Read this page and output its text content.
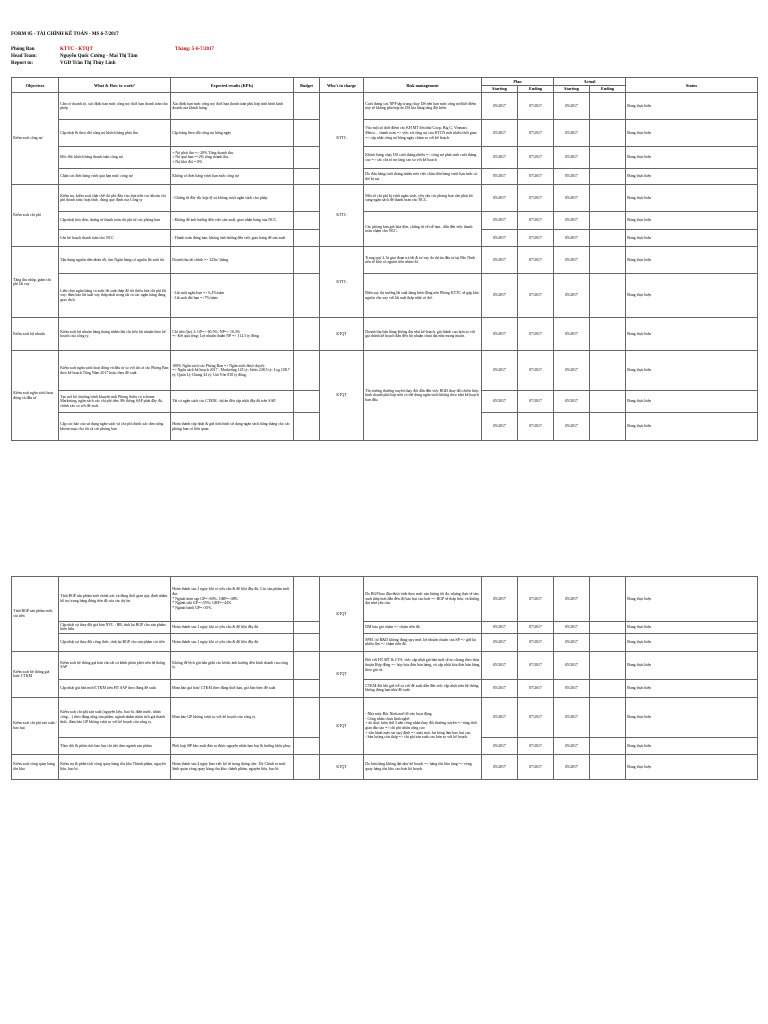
FORM 05 - TÀI CHÍNH KẾ TOÁN - MS 6-7/2017
Phòng Ban	KTTC - KTQT	Tháng: 5-6-7/2017
Head Team:	Nguyễn Quốc Cường - Mai Thị Tâm
Report to:	VGĐ Trần Thị Thùy Linh
Objectives	What & How to work?	Expected results (KPIs)	Budget	Who's in charge	Risk management	Plan		Actual		Status
						Starting	Ending	Starting	Ending	
Kiểm soát công nợ	Cân cơ doanh số, xác định hạn mức công nợ; thời hạn thanh toán cho phép	Xác định hạn mức công nợ; thời hạn thanh toán phù hợp tình hình kinh doanh của khách hàng.		KTTC	Cuối tháng các NPP tập trung chạy DS nên hạn mức công nợ/thời điểm này sẽ không phù hợp do DS bia hàng tăng đột biến.	05/2017	07/2017	05/2017		Đang thực hiện
	Cập nhật & theo dõi công nợ khách hàng phải thu	Cập hàng theo dõi công nợ hằng ngày			Vào một số thời điểm các KH MT lớn như Coop, Big C, Vinmart, Metro… thanh toán => việc xử công nợ của KTCN mất nhiều thời gian => cập nhật công nợ hằng ngày chậm so với kế hoạch.	05/2017	07/2017	05/2017		Đang thực hiện
	Đốc đốc khách hàng thanh toán công nợ	+ Nợ phải thu => 20% Tổng doanh thu.
+ Nợ quá hạn =<2% tổng doanh thu.
+ Nợ khó đòi = 0%			Khách hàng chạy DS cuối tháng nhiều => công nợ phát sinh cuối tháng cao => các chỉ số nợ tăng cao so với kế hoạch	05/2017	07/2017	05/2017		Đang thực hiện
	Chặn các đơn hàng vượt quá hạn mức công nợ	Không có đơn hàng vượt hạn mức công nợ			Do đơn hàng cuối tháng nhiều nên việc chặn đơn hàng vượt hạn mức có thể bị sai.	05/2017	07/2017	05/2017		Đang thực hiện
Kiểm soát chi phí	Kiểm tra, kiểm soát chặt chẽ chi phí đầu vào dựa trên các khoản chi phí thanh toán: hợp thức, đúng quy định của Công ty	- Chứng từ đầy đủ, hợp lệ và không vượt ngân sách cho phép.		KTTC	Một số chi phí bị vượt ngân sách, yêu cầu các phòng ban cần phải bổ sung ngân sách để thanh toán cho NCC.	05/2017	07/2017	05/2017		Đang thực hiện
	Cập nhật hóa đơn, chứng từ thanh toán chi phí từ các phòng ban	- Không để ảnh hưởng đến việc sản xuất, giao nhận hàng của NCC.			Các phòng ban gửi hóa đơn, chứng từ về trễ hạn., dẫn đến việc thanh toán chậm cho NCC.	05/2017	07/2017	05/2017		Đang thực hiện
	Lên kế hoạch thanh toán cho NCC	- Thanh toán đúng hạn, không ảnh hưởng đến việc giao hàng để sản xuất				05/2017	07/2017	05/2017		Đang thực hiện
Tăng thu nhập, giảm chi phí lãi vay	Tận dụng nguồn tiền nhàn rỗi, tìm Ngân hàng có nguồn lãi suất tốt.	Doanh thu tài chính => 325tr/ tháng		KTTC	Trong quý 2, là giai đoạn trả lãi đi tư vay do dự án đầu tư tại Bắc Ninh nên sẽ khó có nguồn tiền nhàn rỗi.	05/2017	07/2017	05/2017		Đang thực hiện
	Liên chịu ngân hàng có mức lãi suất thấp để tối thiểu hóa chi phí lãi vay; đàm bảo lãi suất vay thấp nhất trong tất cả các ngân hàng đang giao dịch.	- Lãi suất ngắn hạn => 6,2%/năm
- Lãi suất dài hạn =<7%/năm			Biến suy thị trường lãi suất đang biến động nên Phòng KTTC sẽ gặp khó nguồn cho vay với lãi suất thấp nhất có thể.	05/2017	07/2017	05/2017		Đang thực hiện
Kiểm soát lợi nhuận	Kiểm soát lợi nhuận hàng tháng nhằm đạt chỉ tiêu lợi nhuận theo kế hoạch của công ty.	Chỉ tiêu Quý 2: GP=> 60.5%; NP=> 16,3%
=> Kết quả tổng: Lợi nhuận thuần NP => 112,5 tỷ đồng.		KTQT	Doanh thu bán hàng không đạt như kế hoạch, giá thành cao hơn so với giá thành kế hoạch dẫn đến lợi nhuận chưa đạt như mong muốn.	05/2017	07/2017	05/2017		Đang thực hiện
Kiểm soát ngân sách hoạt động và đầu tư	Kiểm soát ngân sách hoạt động và đầu tư so với tất cả các Phòng Ban theo kế hoạch Tổng Năm 2017 hoặc theo đề xuất.	100% Ngân sách các Phòng Ban => Ngân sách được duyệt:
=> Ngân sách kế hoạch 2017 : Marketing 145 tỷ; Sales 248,5 tỷ; Log 108,7 tỷ; Quản Lý Chung 32 tỷ, Giá Vốn 810 tỷ đồng.		KTQT	Thị trường thường xuyên thay đổi dẫn đến việc BGĐ thay đổi chiến lược kinh doanh phù hợp nên có thể dùng ngân sách không theo như kế hoạch ban đầu.	05/2017	07/2017	05/2017		Đang thực hiện
	Tạo mã bổ chương trình khuyến mãi Phòng Sales có scheme Marketing, ngân sách các chi phí tiền. Đề thống SAP phải đầy đủ, chính xác so với đề xuất.	Tất cả ngân sách các CTKM , dự án đều cập nhật đầy đủ trên SAP.				05/2017	07/2017	05/2017		Đang thực hiện
	Cập các báo cáo sử dụng ngân sách và chi phí chính xác theo từng khoản mục cho tất cả các phòng ban	Hoàn thành cập nhật & gửi tình hình sử dụng ngân sách hằng tháng cho các phòng ban có liên quan				05/2017	07/2017	05/2017		Đang thực hiện
Tính BGP sản phẩm mới, cải tiến	Tính BGP sản phẩm mới chính xác và đúng thời gian quy định nhằm hỗ trợ trung hàng đúng tiến độ của các dự án.	Hoàn thành sau 1 ngày khi có yêu cầu & đề liệu đầy đủ. Các sản phẩm mới đạt:
* Ngành kem sạp GP=>60%; GRP=>48%
* Ngành sữa GP =>55%; GRP=>44%
* Ngành bánh GP=>35%		KTQT	Do BGP bao đầu được tính theo mức sản lượng tối đa, nhưng thực tế sản xuất thấp hơn dẫn đến độ bao hụt cao hơn => BGP sẽ thấp hơn, và không đạt như yêu cầu.	05/2017	07/2017	05/2017		Đang thực hiện
	Cập nhật sự thay đổi giá bán NVL - BB, tính lại BGP cho sản phẩm hiện hữu.	Hoàn thành sau 1 ngày khi có yêu cầu & đề liệu đầy đủ			DM báo giá chậm => chậm tiến độ.	05/2017	07/2017	05/2017		Đang thực hiện
	Cập nhật sự thay đổi công thức, tính lại BGP cho sản phẩm cải tiến	Hoàn thành sau 1 ngày khi có yêu cầu & đề liệu đầy đủ			SPEC từ R&D không đúng quy mức lợi nhuận chuẩn của SP => giữ lại nhiều lần => chậm tiến độ.	05/2017	07/2017	05/2017		Đang thực hiện
Kiểm soát hệ thống giá bán/ CTKM	Kiểm soát hệ thống giá bán cho tất cả kênh phân phối trên hệ thống SAP	Không để lệch giá bán giữa các kênh, ảnh hưởng đến kinh doanh của công ty.		KTQT	Đối với HT MT & CVS, việc cập nhật giá bán mới sẽ no chung theo thỏa thuận Hợp đồng => hủy hóa đơn bán hàng, và cập nhật hóa đơn bán hàng theo giá cũ.	05/2017	07/2017	05/2017		Đang thực hiện
	Cập nhật giá bán mới/CTKM trên HT SAP theo đúng đề xuất	Đảm bảo giá bán/ CTKM theo đúng thời hạn, giá bán theo đề xuất			CTKM đổi khi gửi trễ so với đề xuất dẫn đến việc cập nhật trên hệ thống không đúng hạn như đề xuất.	05/2017	07/2017	05/2017		Đang thực hiện
Kiểm soát chi phí sản xuất / bao hụt	Kiểm soát chi phí sản xuất (nguyên liệu, bao bì, điện nước, nhân công…) theo đúng từng sản phẩm, ngành nhằm nhân tích giá thành thức, đảm bảo GP không vượt so với kế hoạch của công ty.	Đảm bảo GP không vượt so với kế hoạch của công ty.		KTQT	- Nhà máy Bắc Ninh mới đi vào hoạt động.
- Công nhân chưa lành nghề:
+ do thực hiện thử 3 nền công nhân thay đổi thường xuyên => tăng thời gian đào tạo => chi phí nhân công cao
+ vấn hành máy sai quy định => máy móc hư hỏng làm bao hụt cao,
- Sản lượng còn thấp => chi phí sản xuất cao hơn so với kế hoạch.	05/2017	07/2017	05/2017		Đang thực hiện
	Theo dõi & phân tích bao hụt chi tiết theo ngành sản phẩm	Phối hợp BP bào xuất đưa ra được nguyên nhân bao hụt & hướng khắc phục				05/2017	07/2017	05/2017		Đang thực hiện
Kiểm soát vòng quay hàng tồn kho	Kiểm tra & phân tích vòng quay hàng tồn kho Thành phẩm, nguyên liệu, bao bì.	Hoàn thành sau 4 ngày làm việc kể từ trong tháng cần: Tồi Chính ra mức Sinh quản vòng quay hàng tồn kho: thành phẩm, nguyên liệu, bao bì		KTQT	Do bán hàng không đạt như kế hoạch => hàng tồn kho tăng => vòng quay hàng tồn kho cao hơn kế hoạch	05/2017	07/2017	05/2017		Đang thực hiện
